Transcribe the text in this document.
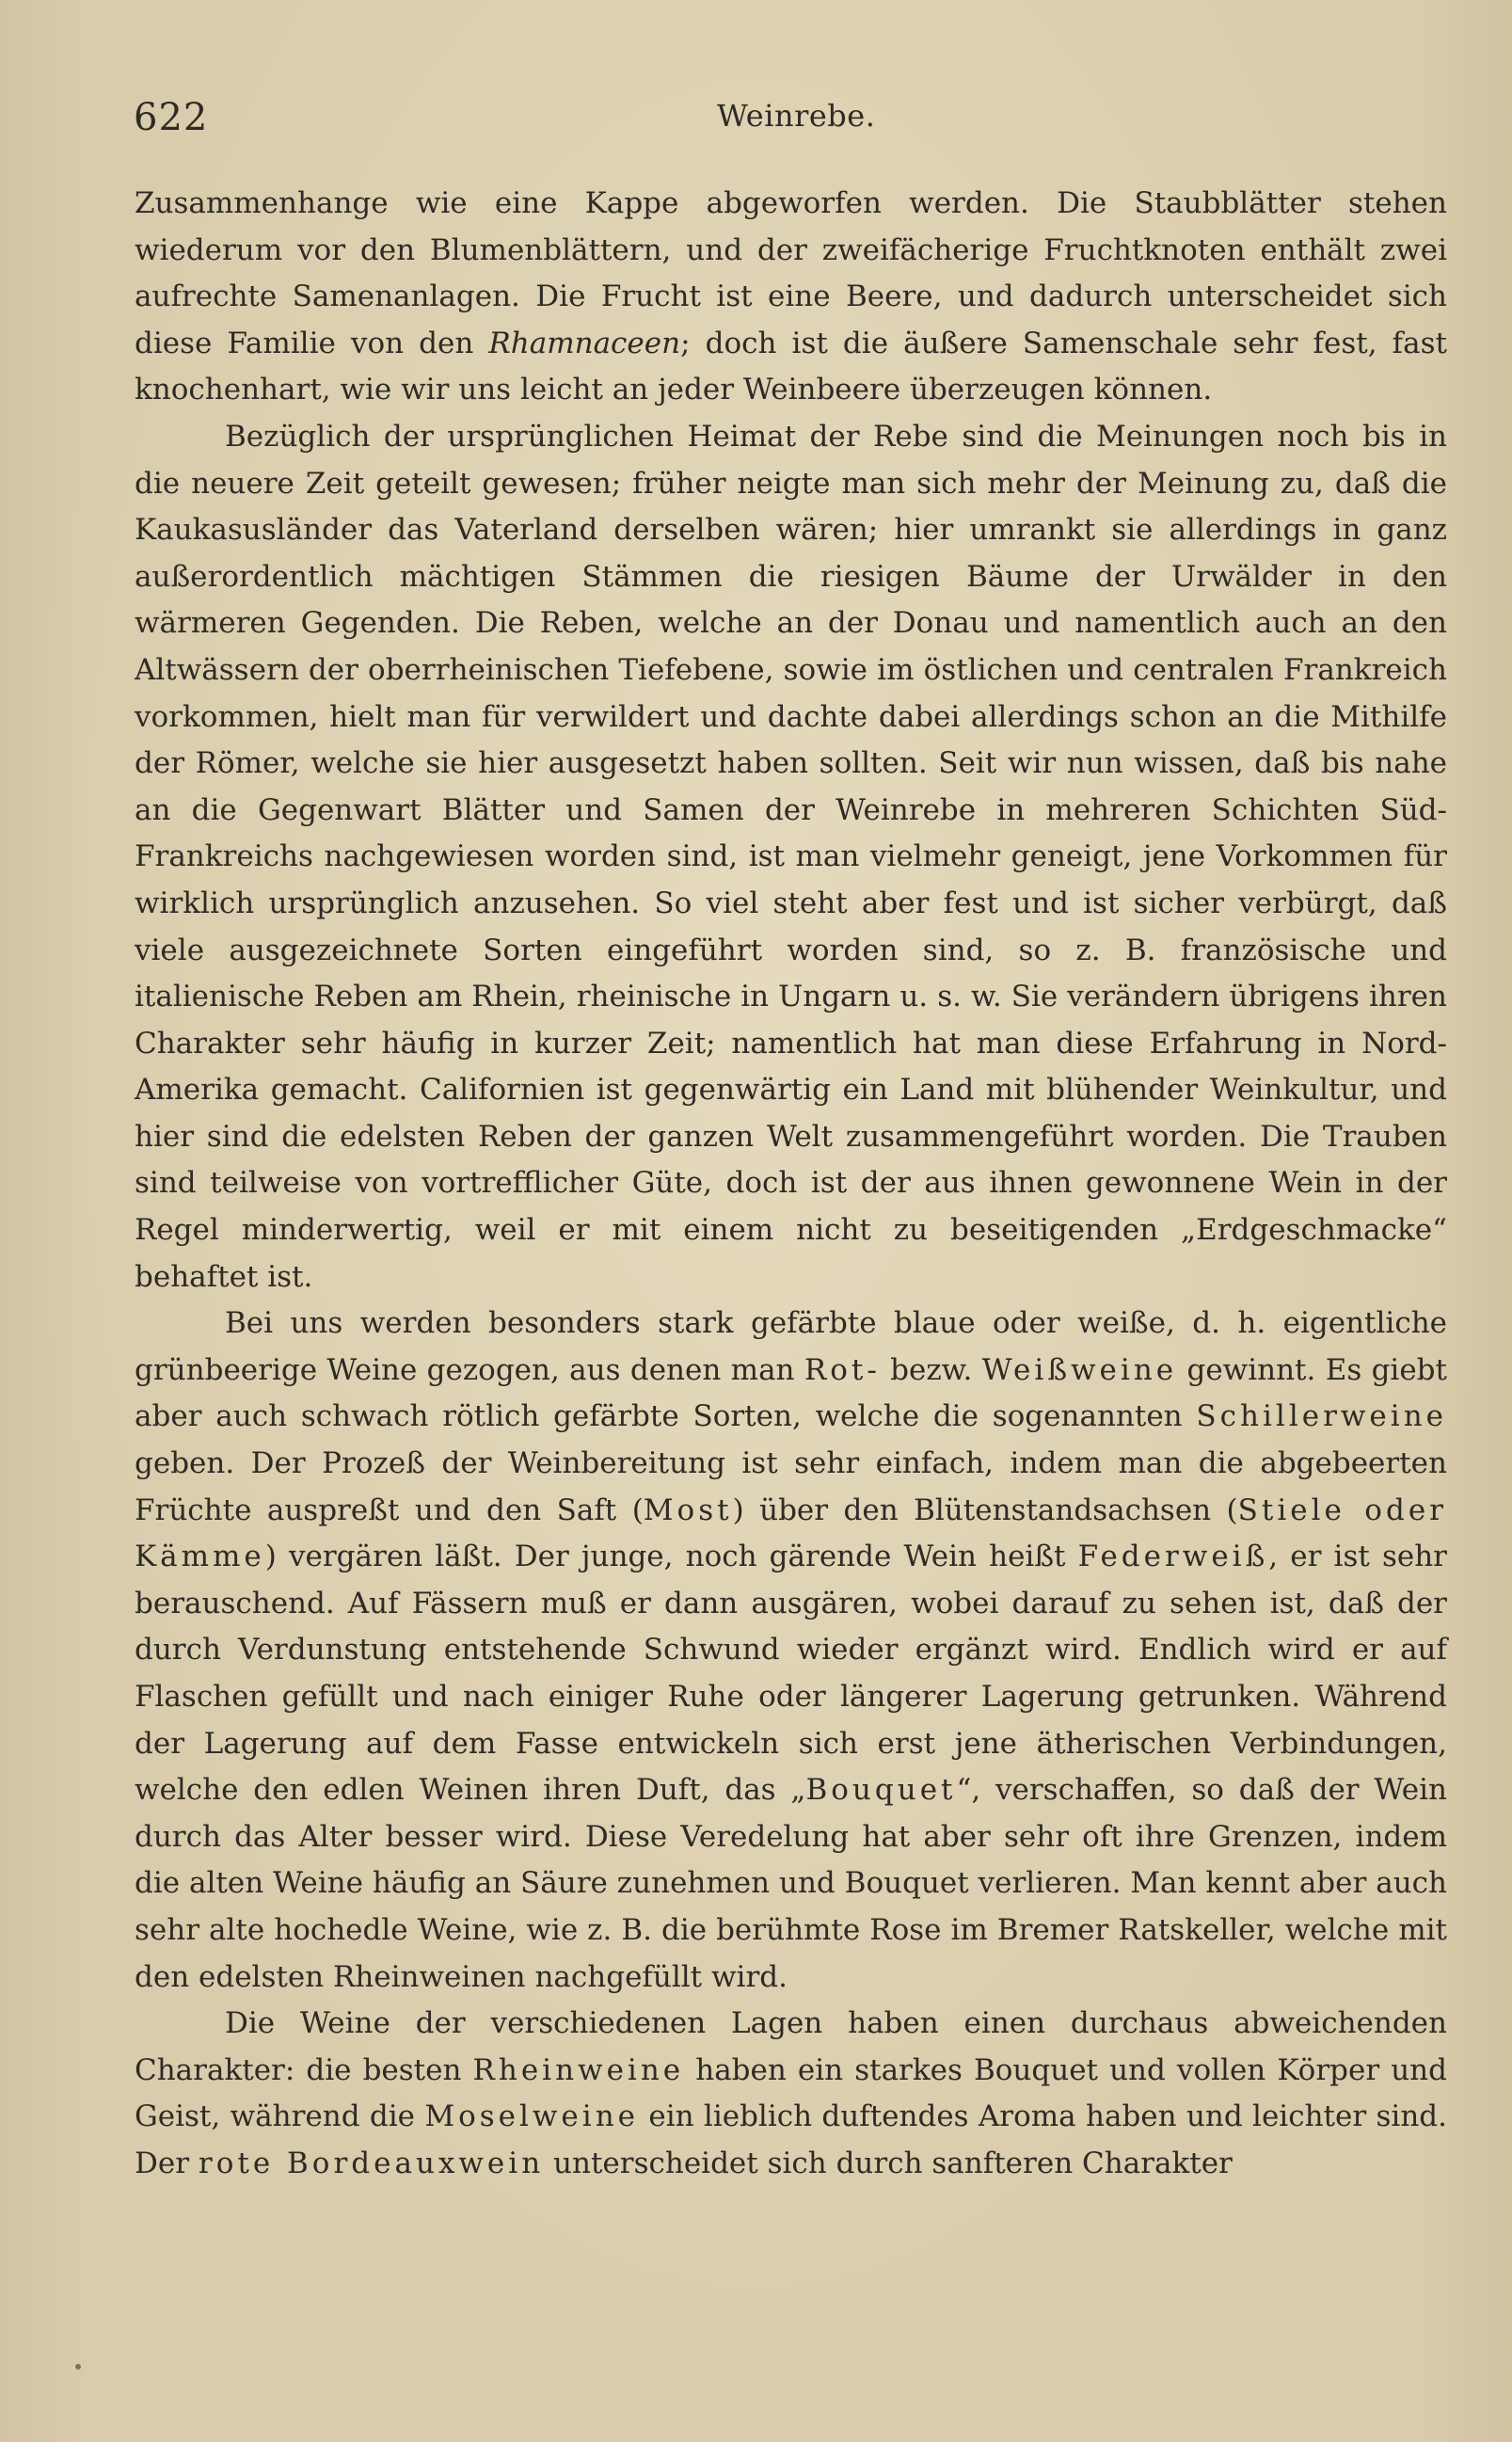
622	Weinrebe.

Zusammenhange wie eine Kappe abgeworfen werden. Die Staubblätter stehen wiederum vor den Blumenblättern, und der zweifächerige Fruchtknoten enthält zwei aufrechte Samenanlagen. Die Frucht ist eine Beere, und dadurch unterscheidet sich diese Familie von den Rhamnaceen; doch ist die äußere Samenschale sehr fest, fast knochenhart, wie wir uns leicht an jeder Weinbeere überzeugen können.

Bezüglich der ursprünglichen Heimat der Rebe sind die Meinungen noch bis in die neuere Zeit geteilt gewesen; früher neigte man sich mehr der Meinung zu, daß die Kaukasusländer das Vaterland derselben wären; hier umrankt sie allerdings in ganz außerordentlich mächtigen Stämmen die riesigen Bäume der Urwälder in den wärmeren Gegenden. Die Reben, welche an der Donau und namentlich auch an den Altwässern der oberrheinischen Tiefebene, sowie im östlichen und centralen Frankreich vorkommen, hielt man für verwildert und dachte dabei allerdings schon an die Mithilfe der Römer, welche sie hier ausgesetzt haben sollten. Seit wir nun wissen, daß bis nahe an die Gegenwart Blätter und Samen der Weinrebe in mehreren Schichten Süd-Frankreichs nachgewiesen worden sind, ist man vielmehr geneigt, jene Vorkommen für wirklich ursprünglich anzusehen. So viel steht aber fest und ist sicher verbürgt, daß viele ausgezeichnete Sorten eingeführt worden sind, so z. B. französische und italienische Reben am Rhein, rheinische in Ungarn u. s. w. Sie verändern übrigens ihren Charakter sehr häufig in kurzer Zeit; namentlich hat man diese Erfahrung in Nord-Amerika gemacht. Californien ist gegenwärtig ein Land mit blühender Weinkultur, und hier sind die edelsten Reben der ganzen Welt zusammengeführt worden. Die Trauben sind teilweise von vortrefflicher Güte, doch ist der aus ihnen gewonnene Wein in der Regel minderwertig, weil er mit einem nicht zu beseitigenden „Erdgeschmacke“ behaftet ist.

Bei uns werden besonders stark gefärbte blaue oder weiße, d. h. eigentliche grünbeerige Weine gezogen, aus denen man Rot- bezw. Weißweine gewinnt. Es giebt aber auch schwach rötlich gefärbte Sorten, welche die sogenannten Schillerweine geben. Der Prozeß der Weinbereitung ist sehr einfach, indem man die abgebeerten Früchte auspreßt und den Saft (Most) über den Blütenstandsachsen (Stiele oder Kämme) vergären läßt. Der junge, noch gärende Wein heißt Federweiß, er ist sehr berauschend. Auf Fässern muß er dann ausgären, wobei darauf zu sehen ist, daß der durch Verdunstung entstehende Schwund wieder ergänzt wird. Endlich wird er auf Flaschen gefüllt und nach einiger Ruhe oder längerer Lagerung getrunken. Während der Lagerung auf dem Fasse entwickeln sich erst jene ätherischen Verbindungen, welche den edlen Weinen ihren Duft, das „Bouquet“, verschaffen, so daß der Wein durch das Alter besser wird. Diese Veredelung hat aber sehr oft ihre Grenzen, indem die alten Weine häufig an Säure zunehmen und Bouquet verlieren. Man kennt aber auch sehr alte hochedle Weine, wie z. B. die berühmte Rose im Bremer Ratskeller, welche mit den edelsten Rheinweinen nachgefüllt wird.

Die Weine der verschiedenen Lagen haben einen durchaus abweichenden Charakter: die besten Rheinweine haben ein starkes Bouquet und vollen Körper und Geist, während die Moselweine ein lieblich duftendes Aroma haben und leichter sind. Der rote Bordeauxwein unterscheidet sich durch sanfteren Charakter
